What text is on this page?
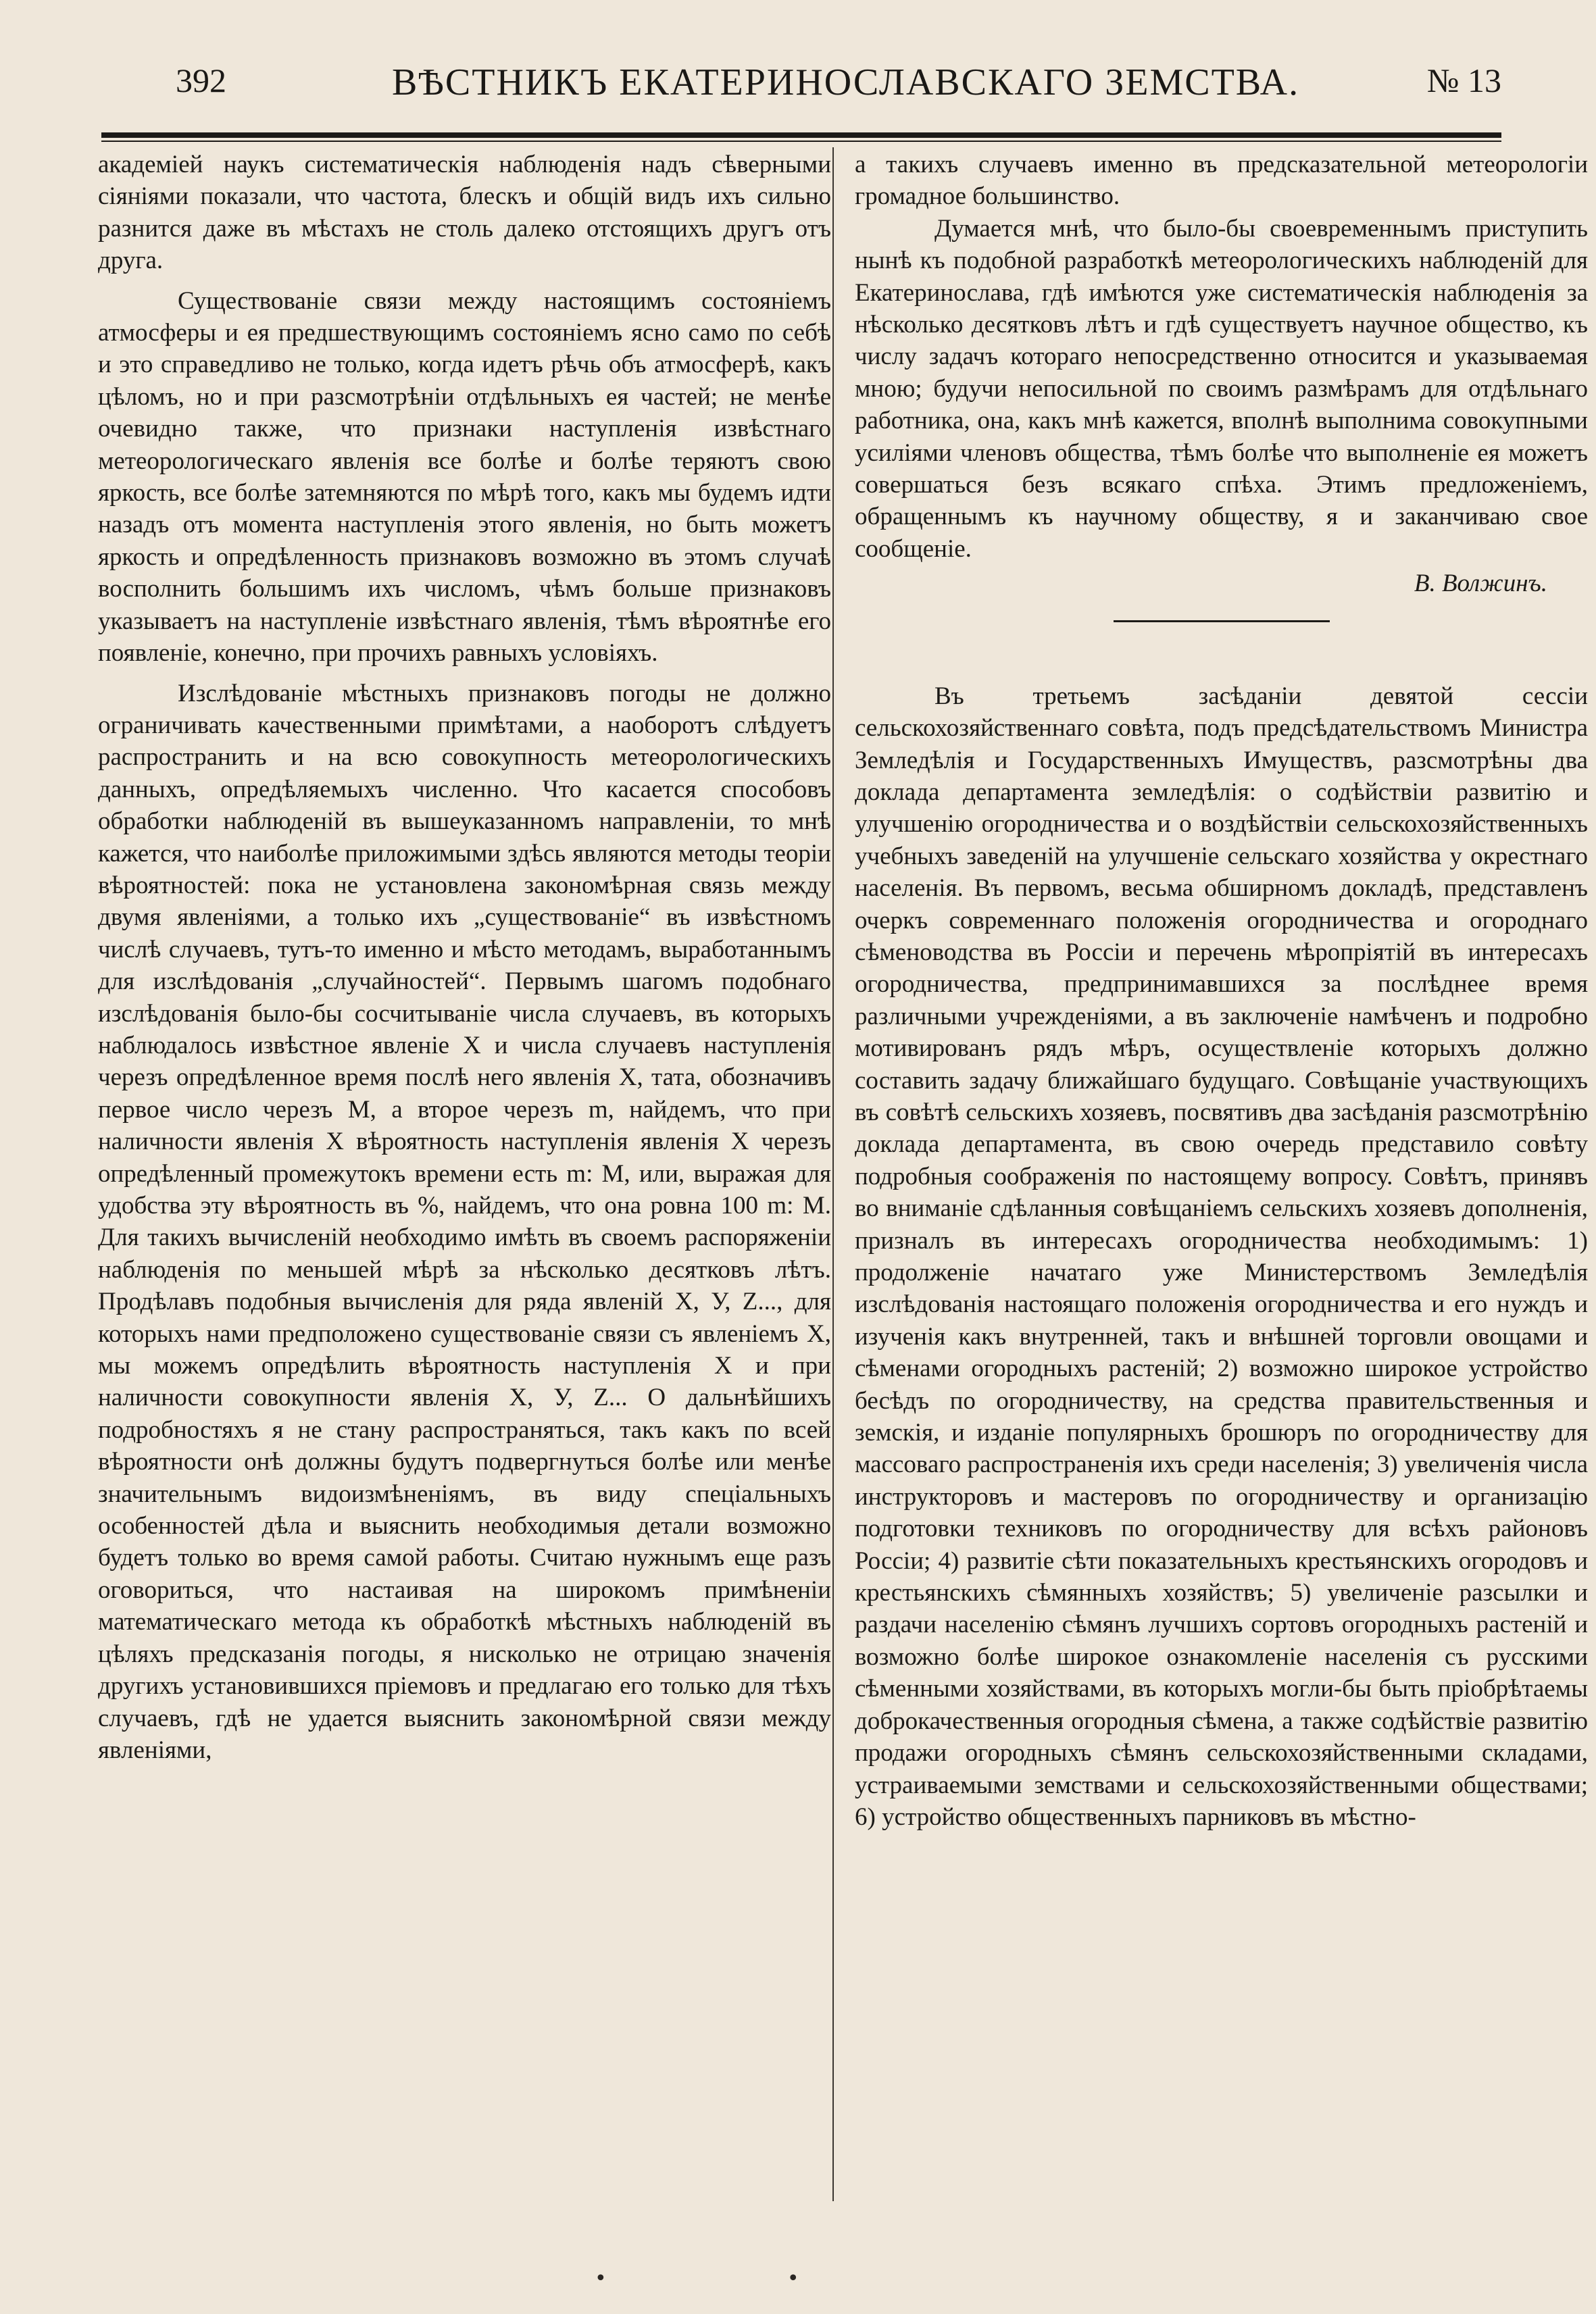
392	ВѢСТНИКЪ ЕКАТЕРИНОСЛАВСКАГО ЗЕМСТВА.	№ 13

академiей наукъ систематическiя наблюденiя надъ сѣверными сiянiями показали, что частота, блескъ и общiй видъ ихъ сильно разнится даже въ мѣстахъ не столь далеко отстоящихъ другъ отъ друга.

Существованiе связи между настоящимъ состоянiемъ атмосферы и ея предшествующимъ состоянiемъ ясно само по себѣ и это справедливо не только, когда идетъ рѣчь объ атмосферѣ, какъ цѣломъ, но и при разсмотрѣнiи отдѣльныхъ ея частей; не менѣе очевидно также, что признаки наступленiя извѣстнаго метеорологическаго явленiя все болѣе и болѣе теряютъ свою яркость, все болѣе затемняются по мѣрѣ того, какъ мы будемъ идти назадъ отъ момента наступленiя этого явленiя, но быть можетъ яркость и опредѣленность признаковъ возможно въ этомъ случаѣ восполнить большимъ ихъ числомъ, чѣмъ больше признаковъ указываетъ на наступленiе извѣстнаго явленiя, тѣмъ вѣроятнѣе его появленiе, конечно, при прочихъ равныхъ условiяхъ.

Изслѣдованiе мѣстныхъ признаковъ погоды не должно ограничивать качественными примѣтами, а наоборотъ слѣдуетъ распространить и на всю совокупность метеорологическихъ данныхъ, опредѣляемыхъ численно. Что касается способовъ обработки наблюденiй въ вышеуказанномъ направленiи, то мнѣ кажется, что наиболѣе приложимыми здѣсь являются методы теорiи вѣроятностей: пока не установлена закономѣрная связь между двумя явленiями, а только ихъ „существованiе“ въ извѣстномъ числѣ случаевъ, тутъ-то именно и мѣсто методамъ, выработаннымъ для изслѣдованiя „случайностей“. Первымъ шагомъ подобнаго изслѣдованiя было-бы сосчитыванiе числа случаевъ, въ которыхъ наблюдалось извѣстное явленiе X и числа случаевъ наступленiя черезъ опредѣленное время послѣ него явленiя X, тата, обозначивъ первое число черезъ M, а второе черезъ m, найдемъ, что при наличности явленiя X вѣроятность наступленiя явленiя X черезъ опредѣленный промежутокъ времени есть m: M, или, выражая для удобства эту вѣроятность въ %, найдемъ, что она ровна 100 m: M. Для такихъ вычисленiй необходимо имѣть въ своемъ распоряженiи наблюденiя по меньшей мѣрѣ за нѣсколько десятковъ лѣтъ. Продѣлавъ подобныя вычисленiя для ряда явленiй X, У, Z..., для которыхъ нами предположено существованiе связи съ явленiемъ X, мы можемъ опредѣлить вѣроятность наступленiя X и при наличности совокупности явленiя X, У, Z... О дальнѣйшихъ подробностяхъ я не стану распространяться, такъ какъ по всей вѣроятности онѣ должны будутъ подвергнуться болѣе или менѣе значительнымъ видоизмѣненiямъ, въ виду спецiальныхъ особенностей дѣла и выяснить необходимыя детали возможно будетъ только во время самой работы. Считаю нужнымъ еще разъ оговориться, что настаивая на широкомъ примѣненiи математическаго метода къ обработкѣ мѣстныхъ наблюденiй въ цѣляхъ предсказанiя погоды, я нисколько не отрицаю значенiя другихъ установившихся прiемовъ и предлагаю его только для тѣхъ случаевъ, гдѣ не удается выяснить закономѣрной связи между явленiями,

а такихъ случаевъ именно въ предсказательной метеорологiи громадное большинство.

Думается мнѣ, что было-бы своевременнымъ приступить нынѣ къ подобной разработкѣ метеорологическихъ наблюденiй для Екатеринослава, гдѣ имѣются уже систематическiя наблюденiя за нѣсколько десятковъ лѣтъ и гдѣ существуетъ научное общество, къ числу задачъ котораго непосредственно относится и указываемая мною; будучи непосильной по своимъ размѣрамъ для отдѣльнаго работника, она, какъ мнѣ кажется, вполнѣ выполнима совокупными усилiями членовъ общества, тѣмъ болѣе что выполненiе ея можетъ совершаться безъ всякаго спѣха. Этимъ предложенiемъ, обращеннымъ къ научному обществу, я и заканчиваю свое сообщенiе.

В. Волжинъ.

Въ третьемъ засѣданiи девятой сессiи сельскохозяйственнаго совѣта, подъ предсѣдательствомъ Министра Земледѣлiя и Государственныхъ Имуществъ, разсмотрѣны два доклада департамента земледѣлiя: о содѣйствiи развитiю и улучшенiю огородничества и о воздѣйствiи сельскохозяйственныхъ учебныхъ заведенiй на улучшенiе сельскаго хозяйства у окрестнаго населенiя. Въ первомъ, весьма обширномъ докладѣ, представленъ очеркъ современнаго положенiя огородничества и огороднаго сѣменоводства въ Россiи и перечень мѣропрiятiй въ интересахъ огородничества, предпринимавшихся за послѣднее время различными учрежденiями, а въ заключенiе намѣченъ и подробно мотивированъ рядъ мѣръ, осуществленiе которыхъ должно составить задачу ближайшаго будущаго. Совѣщанiе участвующихъ въ совѣтѣ сельскихъ хозяевъ, посвятивъ два засѣданiя разсмотрѣнiю доклада департамента, въ свою очередь представило совѣту подробныя соображенiя по настоящему вопросу. Совѣтъ, принявъ во вниманiе сдѣланныя совѣщанiемъ сельскихъ хозяевъ дополненiя, призналъ въ интересахъ огородничества необходимымъ: 1) продолженiе начатаго уже Министерствомъ Земледѣлiя изслѣдованiя настоящаго положенiя огородничества и его нуждъ и изученiя какъ внутренней, такъ и внѣшней торговли овощами и сѣменами огородныхъ растенiй; 2) возможно широкое устройство бесѣдъ по огородничеству, на средства правительственныя и земскiя, и изданiе популярныхъ брошюръ по огородничеству для массоваго распространенiя ихъ среди населенiя; 3) увеличенiя числа инструкторовъ и мастеровъ по огородничеству и организацiю подготовки техниковъ по огородничеству для всѣхъ районовъ Россiи; 4) развитiе сѣти показательныхъ крестьянскихъ огородовъ и крестьянскихъ сѣмянныхъ хозяйствъ; 5) увеличенiе разсылки и раздачи населенiю сѣмянъ лучшихъ сортовъ огородныхъ растенiй и возможно болѣе широкое ознакомленiе населенiя съ русскими сѣменными хозяйствами, въ которыхъ могли-бы быть прiобрѣтаемы доброкачественныя огородныя сѣмена, а также содѣйствiе развитiю продажи огородныхъ сѣмянъ сельскохозяйственными складами, устраиваемыми земствами и сельскохозяйственными обществами; 6) устройство общественныхъ парниковъ въ мѣстно-

•      •
